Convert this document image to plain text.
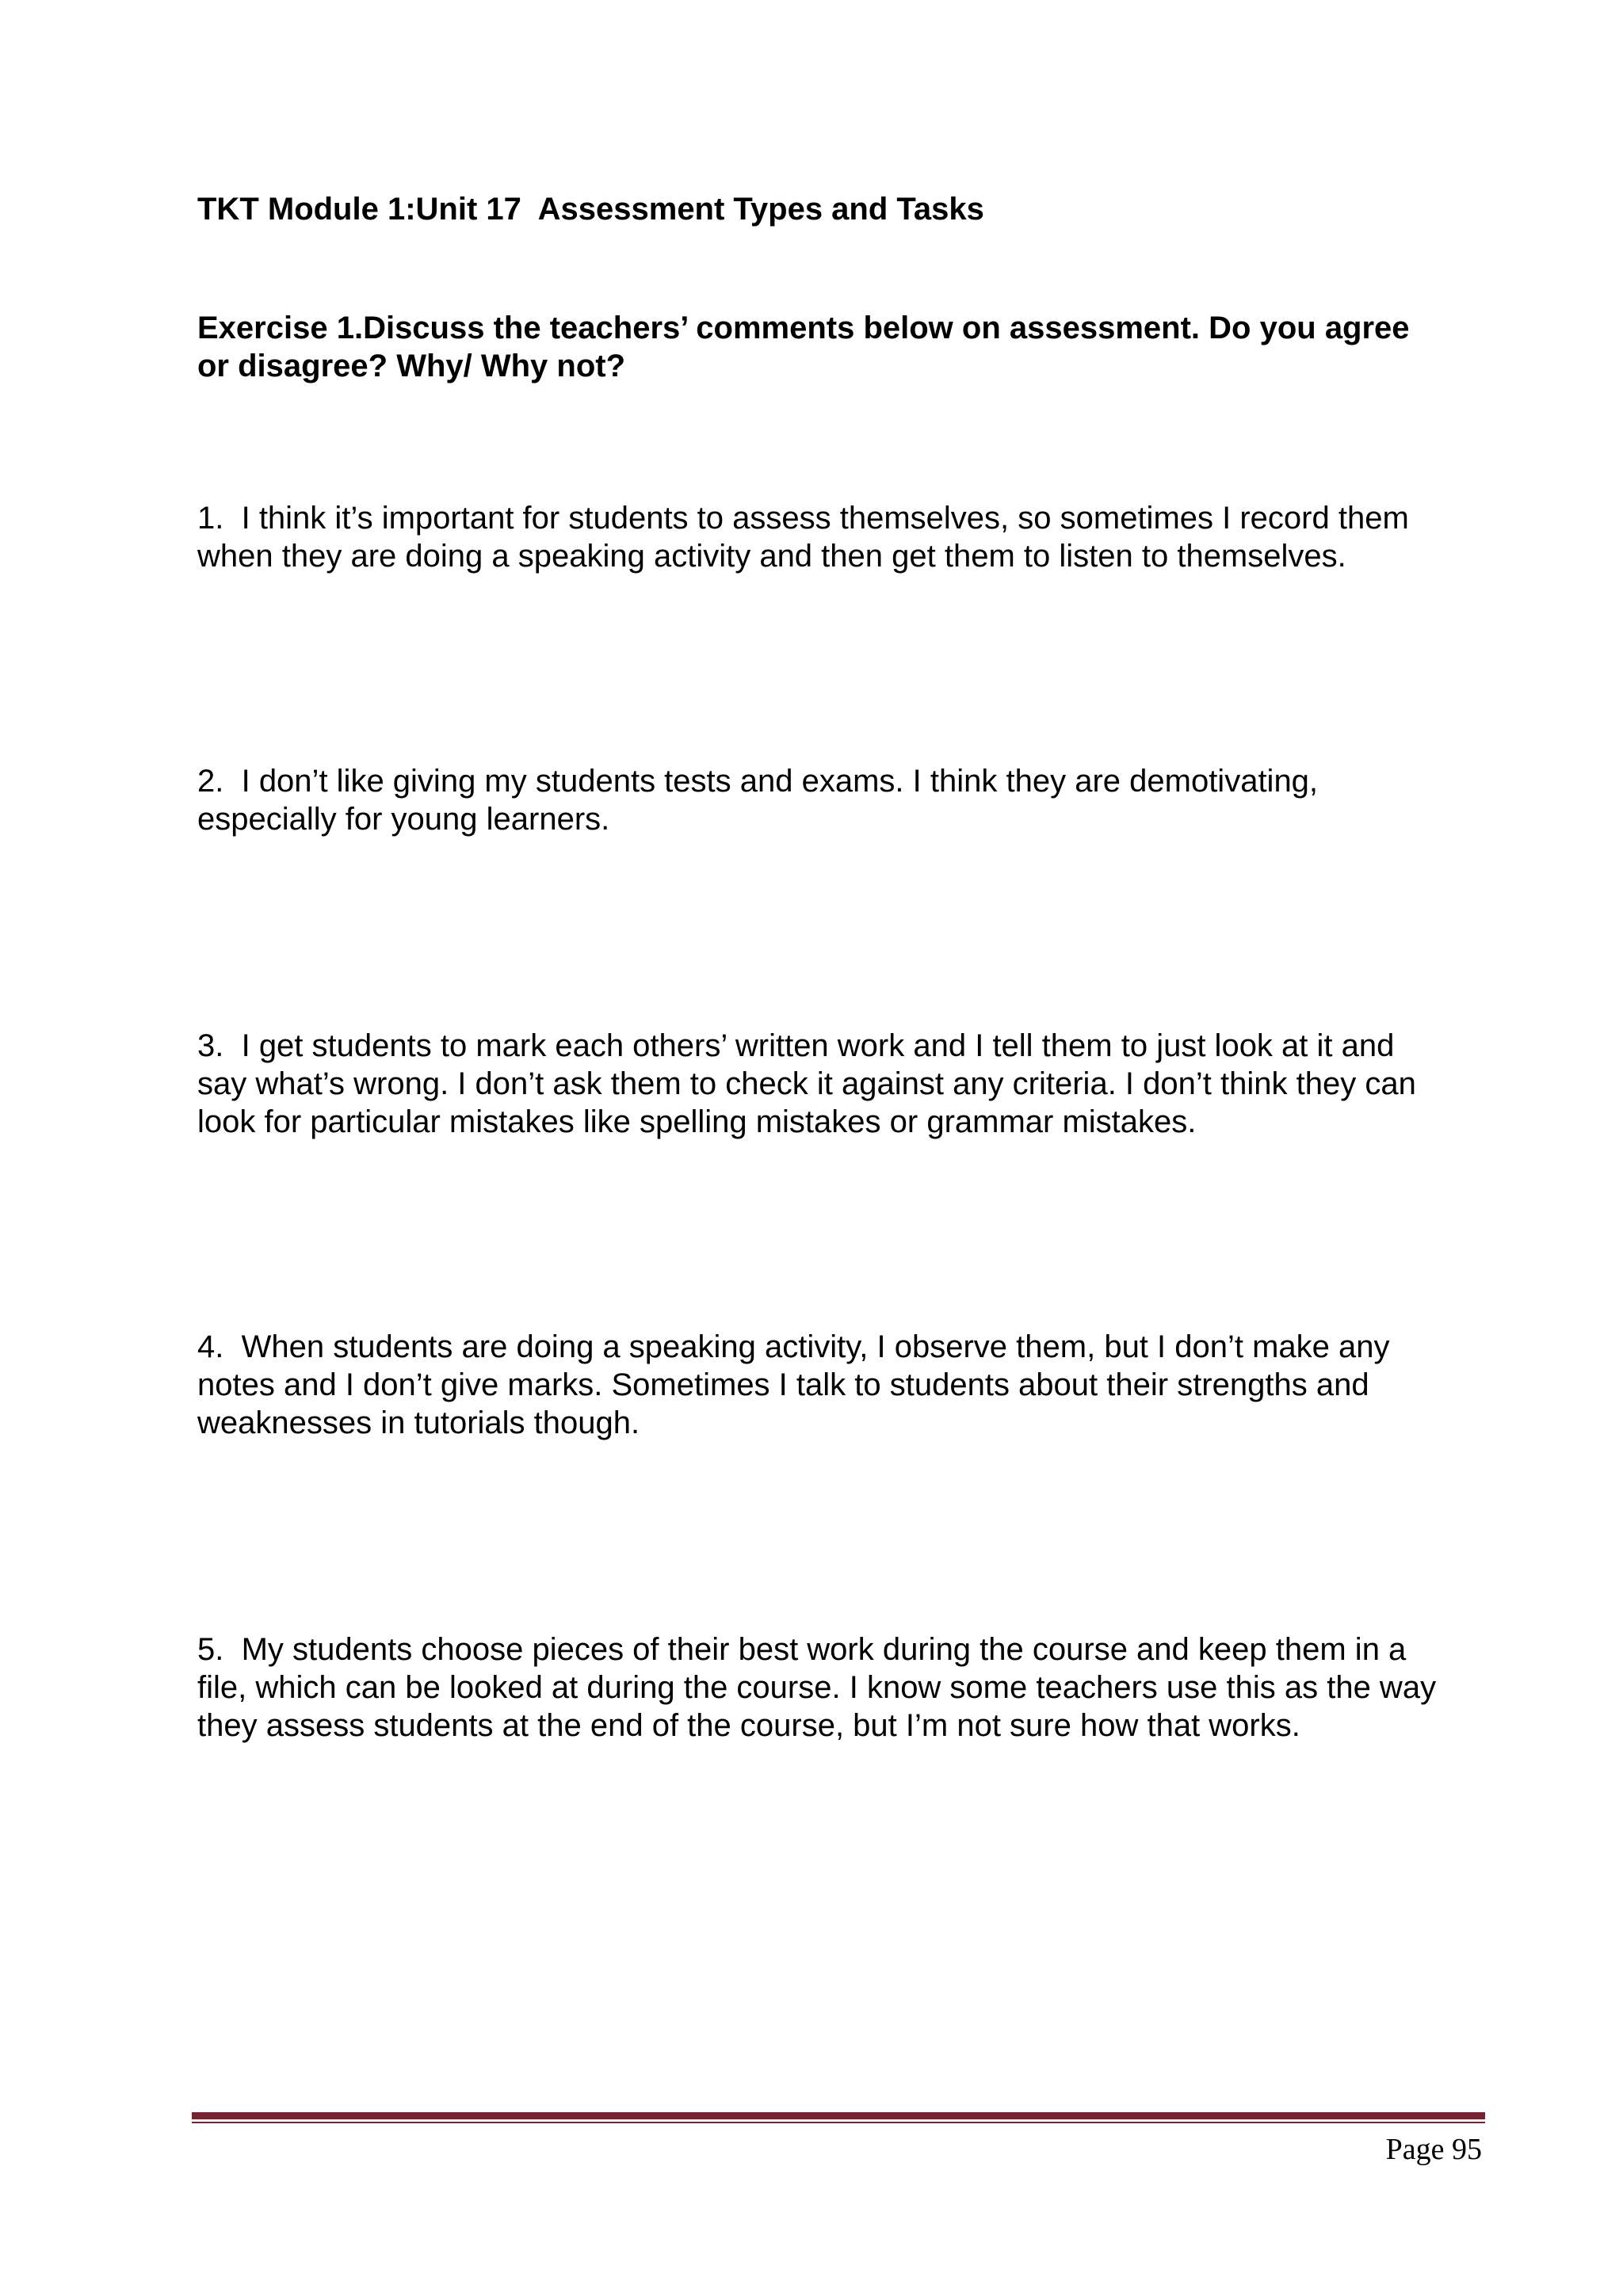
TKT Module 1:Unit 17  Assessment Types and Tasks
Exercise 1.Discuss the teachers’ comments below on assessment. Do you agree
or disagree? Why/ Why not?
1.  I think it’s important for students to assess themselves, so sometimes I record them
when they are doing a speaking activity and then get them to listen to themselves.
2.  I don’t like giving my students tests and exams. I think they are demotivating,
especially for young learners.
3.  I get students to mark each others’ written work and I tell them to just look at it and
say what’s wrong. I don’t ask them to check it against any criteria. I don’t think they can
look for particular mistakes like spelling mistakes or grammar mistakes.
4.  When students are doing a speaking activity, I observe them, but I don’t make any
notes and I don’t give marks. Sometimes I talk to students about their strengths and
weaknesses in tutorials though.
5.  My students choose pieces of their best work during the course and keep them in a
file, which can be looked at during the course. I know some teachers use this as the way
they assess students at the end of the course, but I’m not sure how that works.
Page 95
